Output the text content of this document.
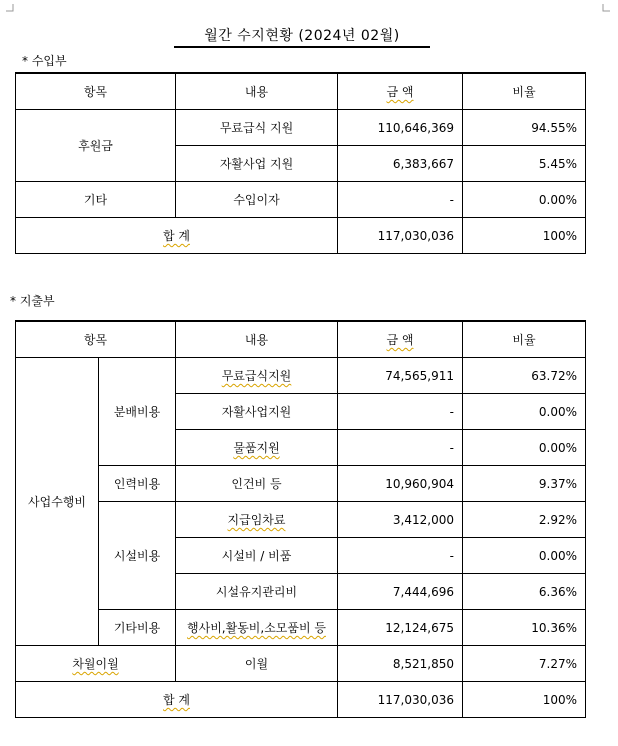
월간 수지현황 (2024년 02월)
* 수입부
항목	내용	금 액	비율
후원금	무료급식 지원	110,646,369	94.55%
	자활사업 지원	6,383,667	5.45%
기타	수입이자	-	0.00%
합 계		117,030,036	100%
* 지출부
항목		내용	금 액	비율
사업수행비	분배비용	무료급식지원	74,565,911	63.72%
		자활사업지원	-	0.00%
		물품지원	-	0.00%
	인력비용	인건비 등	10,960,904	9.37%
	시설비용	지급임차료	3,412,000	2.92%
		시설비 / 비품	-	0.00%
		시설유지관리비	7,444,696	6.36%
	기타비용	행사비,활동비,소모품비 등	12,124,675	10.36%
차월이월		이월	8,521,850	7.27%
합 계			117,030,036	100%
